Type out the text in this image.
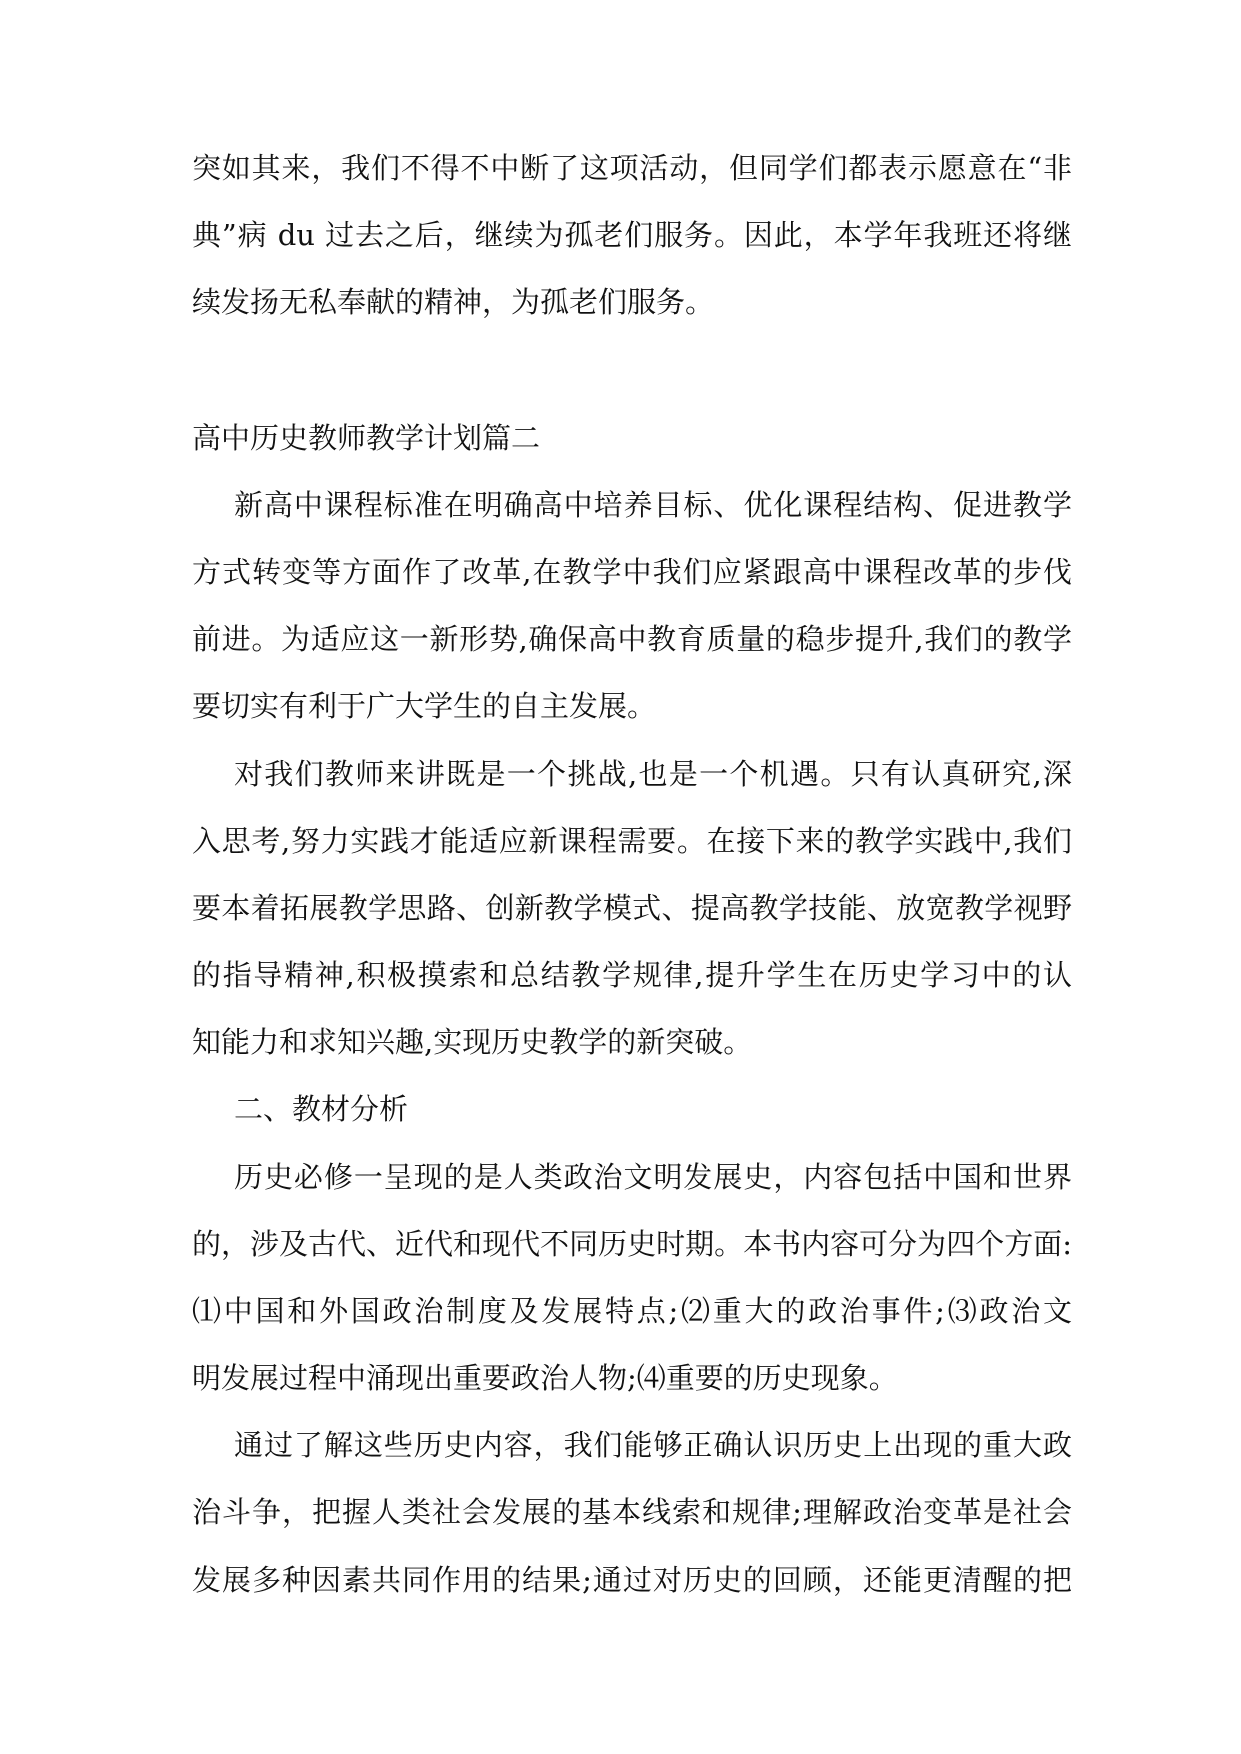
突如其来，我们不得不中断了这项活动，但同学们都表示愿意在“非
典”病 du 过去之后，继续为孤老们服务。因此，本学年我班还将继
续发扬无私奉献的精神，为孤老们服务。
高中历史教师教学计划篇二
新高中课程标准在明确高中培养目标、优化课程结构、促进教学
方式转变等方面作了改革,在教学中我们应紧跟高中课程改革的步伐
前进。为适应这一新形势,确保高中教育质量的稳步提升,我们的教学
要切实有利于广大学生的自主发展。
对我们教师来讲既是一个挑战,也是一个机遇。只有认真研究,深
入思考,努力实践才能适应新课程需要。在接下来的教学实践中,我们
要本着拓展教学思路、创新教学模式、提高教学技能、放宽教学视野
的指导精神,积极摸索和总结教学规律,提升学生在历史学习中的认
知能力和求知兴趣,实现历史教学的新突破。
二、教材分析
历史必修一呈现的是人类政治文明发展史，内容包括中国和世界
的，涉及古代、近代和现代不同历史时期。本书内容可分为四个方面:
⑴中国和外国政治制度及发展特点;⑵重大的政治事件;⑶政治文
明发展过程中涌现出重要政治人物;⑷重要的历史现象。
通过了解这些历史内容，我们能够正确认识历史上出现的重大政
治斗争，把握人类社会发展的基本线索和规律;理解政治变革是社会
发展多种因素共同作用的结果;通过对历史的回顾，还能更清醒的把
